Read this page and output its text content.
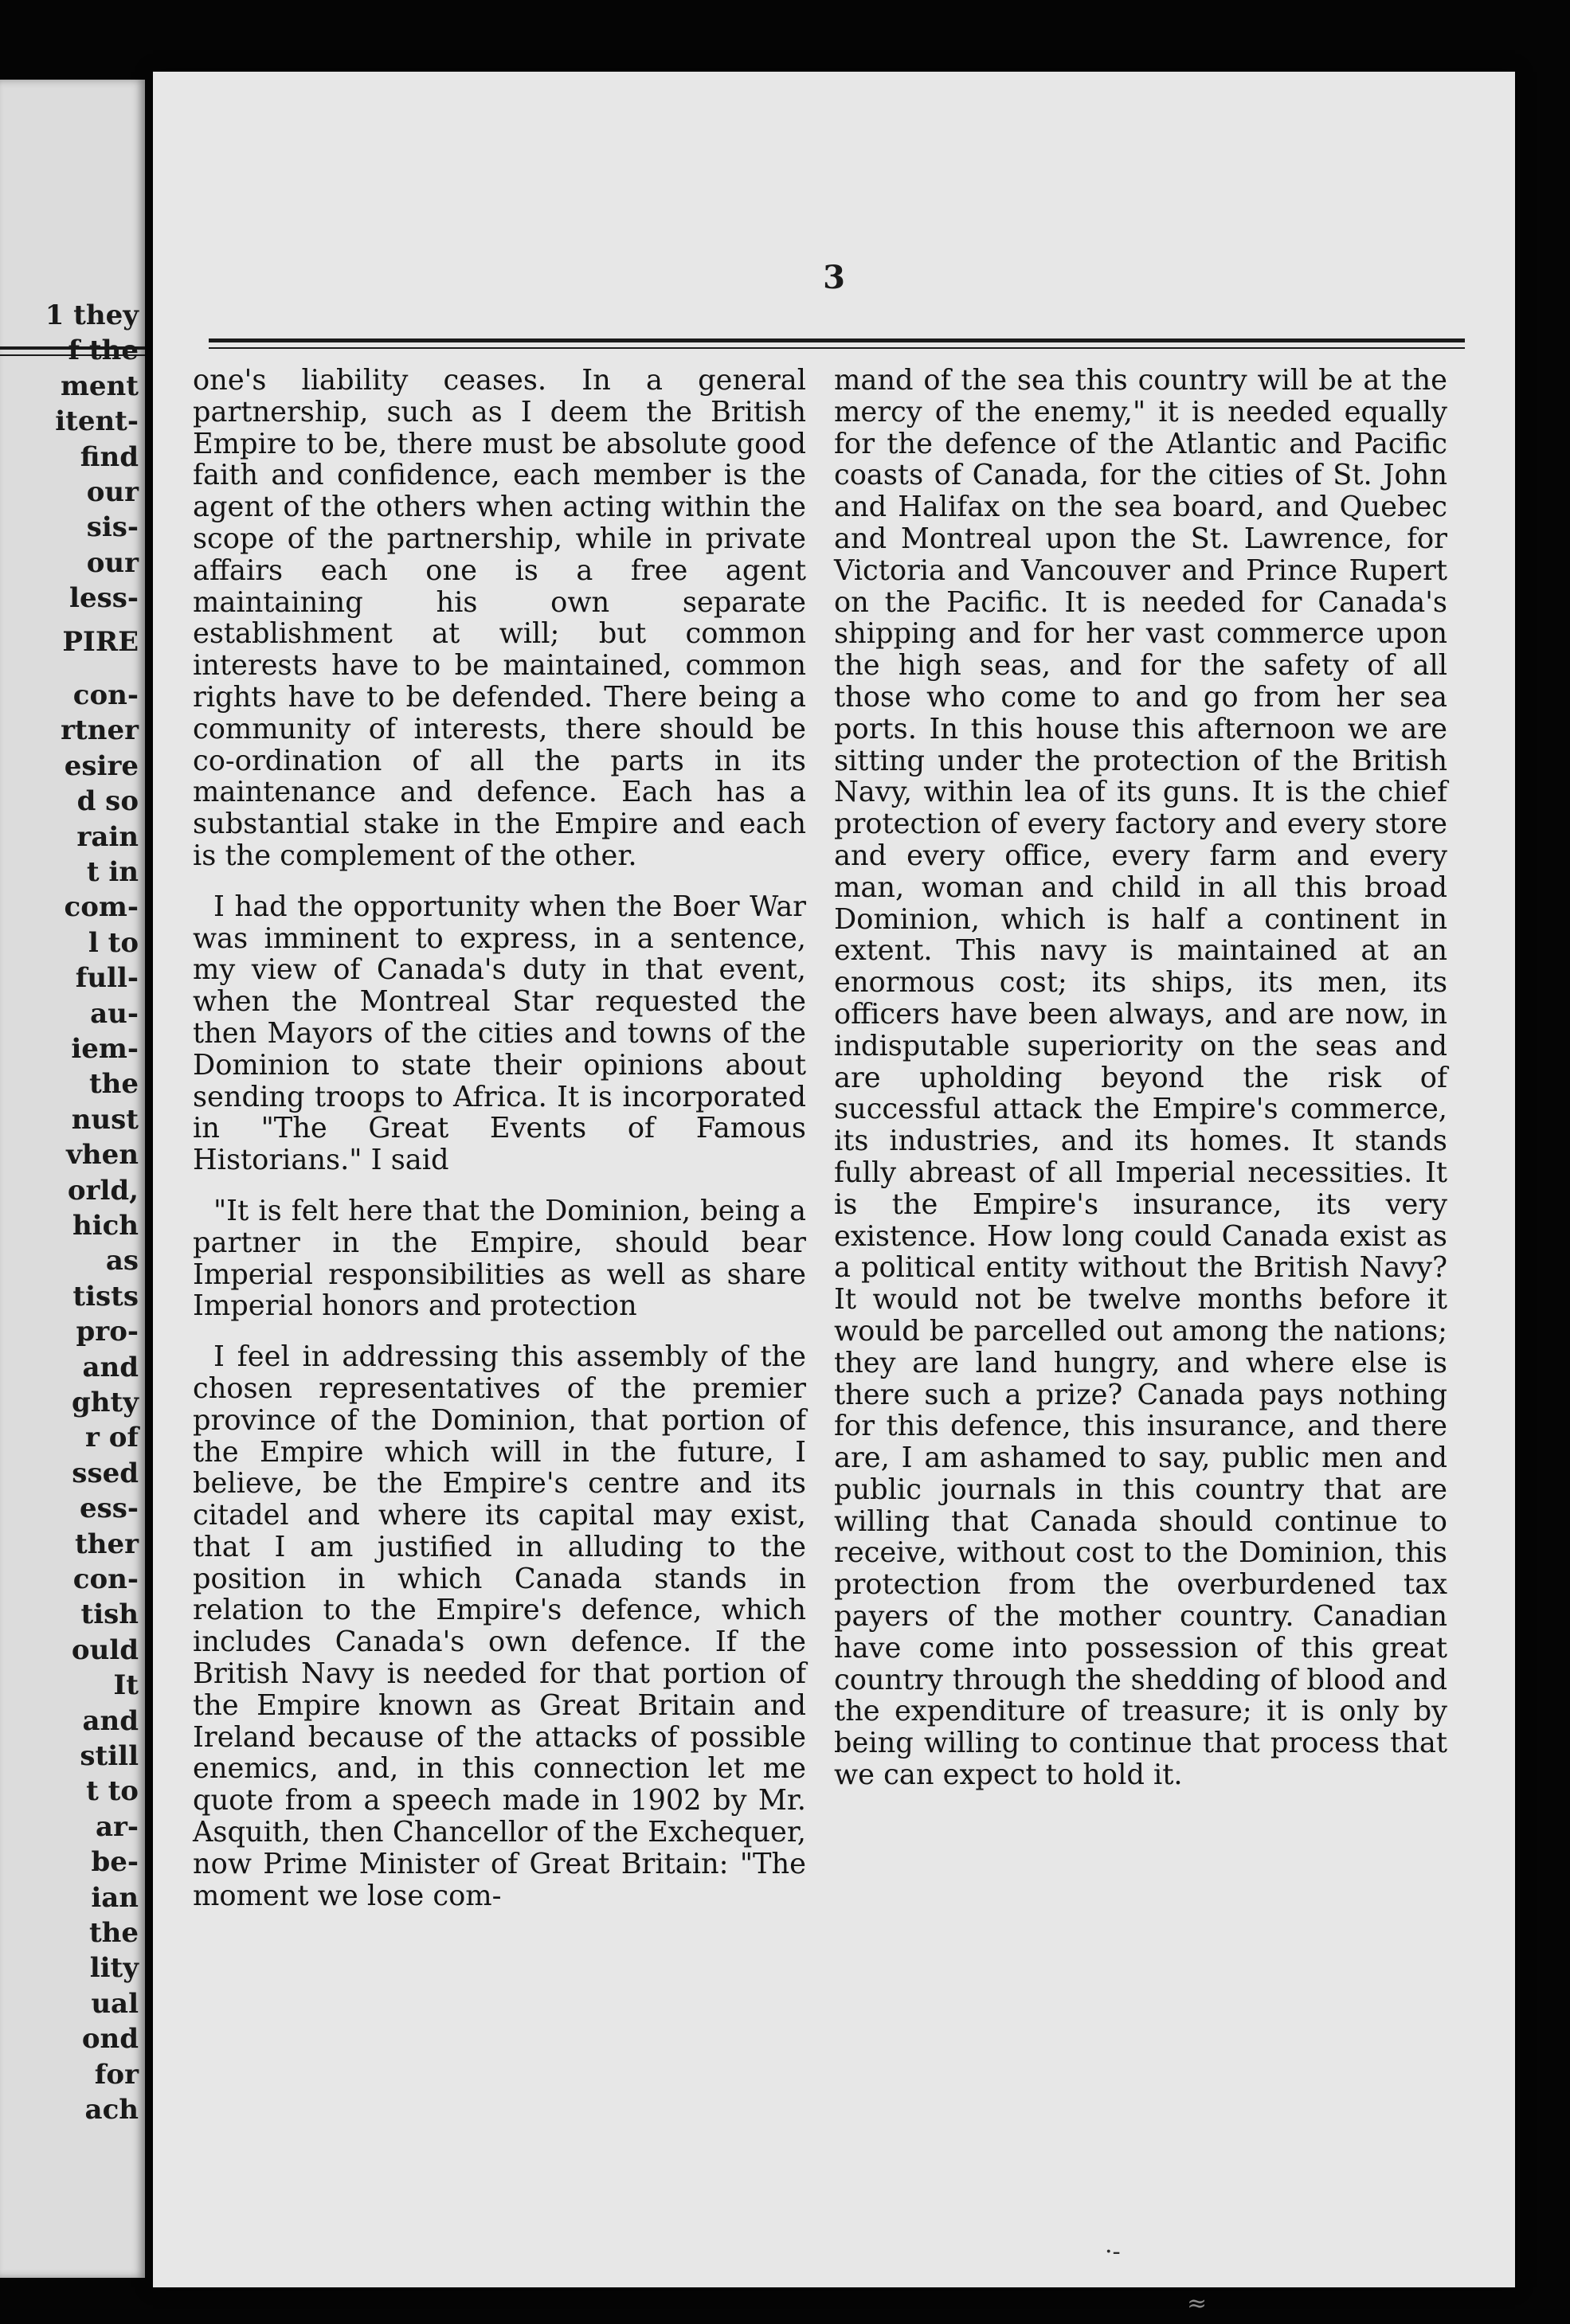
1 they
f the
ment
itent-
find
our
sis-
our
less-
PIRE
con-
rtner
esire
d so
rain
t in
com-
l to
full-
au-
iem-
the
nust
vhen
orld,
hich
as
tists
pro-
and
ghty
r of
ssed
ess-
ther
con-
tish
ould
It
and
still
t to
ar-
be-
ian
the
lity
ual
ond
for
ach
3

one's liability ceases. In a general partnership, such as I deem the British Empire to be, there must be absolute good faith and confidence, each member is the agent of the others when acting within the scope of the partnership, while in private affairs each one is a free agent maintaining his own separate establishment at will; but common interests have to be maintained, common rights have to be defended. There being a community of interests, there should be co-ordination of all the parts in its maintenance and defence. Each has a substantial stake in the Empire and each is the complement of the other.

I had the opportunity when the Boer War was imminent to express, in a sentence, my view of Canada's duty in that event, when the Montreal Star requested the then Mayors of the cities and towns of the Dominion to state their opinions about sending troops to Africa. It is incorporated in "The Great Events of Famous Historians." I said

"It is felt here that the Dominion, being a partner in the Empire, should bear Imperial responsibilities as well as share Imperial honors and protection

I feel in addressing this assembly of the chosen representatives of the premier province of the Dominion, that portion of the Empire which will in the future, I believe, be the Empire's centre and its citadel and where its capital may exist, that I am justified in alluding to the position in which Canada stands in relation to the Empire's defence, which includes Canada's own defence. If the British Navy is needed for that portion of the Empire known as Great Britain and Ireland because of the attacks of possible enemics, and, in this connection let me quote from a speech made in 1902 by Mr. Asquith, then Chancellor of the Exchequer, now Prime Minister of Great Britain: "The moment we lose com-

mand of the sea this country will be at the mercy of the enemy," it is needed equally for the defence of the Atlantic and Pacific coasts of Canada, for the cities of St. John and Halifax on the sea board, and Quebec and Montreal upon the St. Lawrence, for Victoria and Vancouver and Prince Rupert on the Pacific. It is needed for Canada's shipping and for her vast commerce upon the high seas, and for the safety of all those who come to and go from her sea ports. In this house this afternoon we are sitting under the protection of the British Navy, within lea of its guns. It is the chief protection of every factory and every store and every office, every farm and every man, woman and child in all this broad Dominion, which is half a continent in extent. This navy is maintained at an enormous cost; its ships, its men, its officers have been always, and are now, in indisputable superiority on the seas and are upholding beyond the risk of successful attack the Empire's commerce, its industries, and its homes. It stands fully abreast of all Imperial necessities. It is the Empire's insurance, its very existence. How long could Canada exist as a political entity without the British Navy? It would not be twelve months before it would be parcelled out among the nations; they are land hungry, and where else is there such a prize? Canada pays nothing for this defence, this insurance, and there are, I am ashamed to say, public men and public journals in this country that are willing that Canada should continue to receive, without cost to the Dominion, this protection from the overburdened tax payers of the mother country. Canadian have come into possession of this great country through the shedding of blood and the expenditure of treasure; it is only by being willing to continue that process that we can expect to hold it.

·-
≈
